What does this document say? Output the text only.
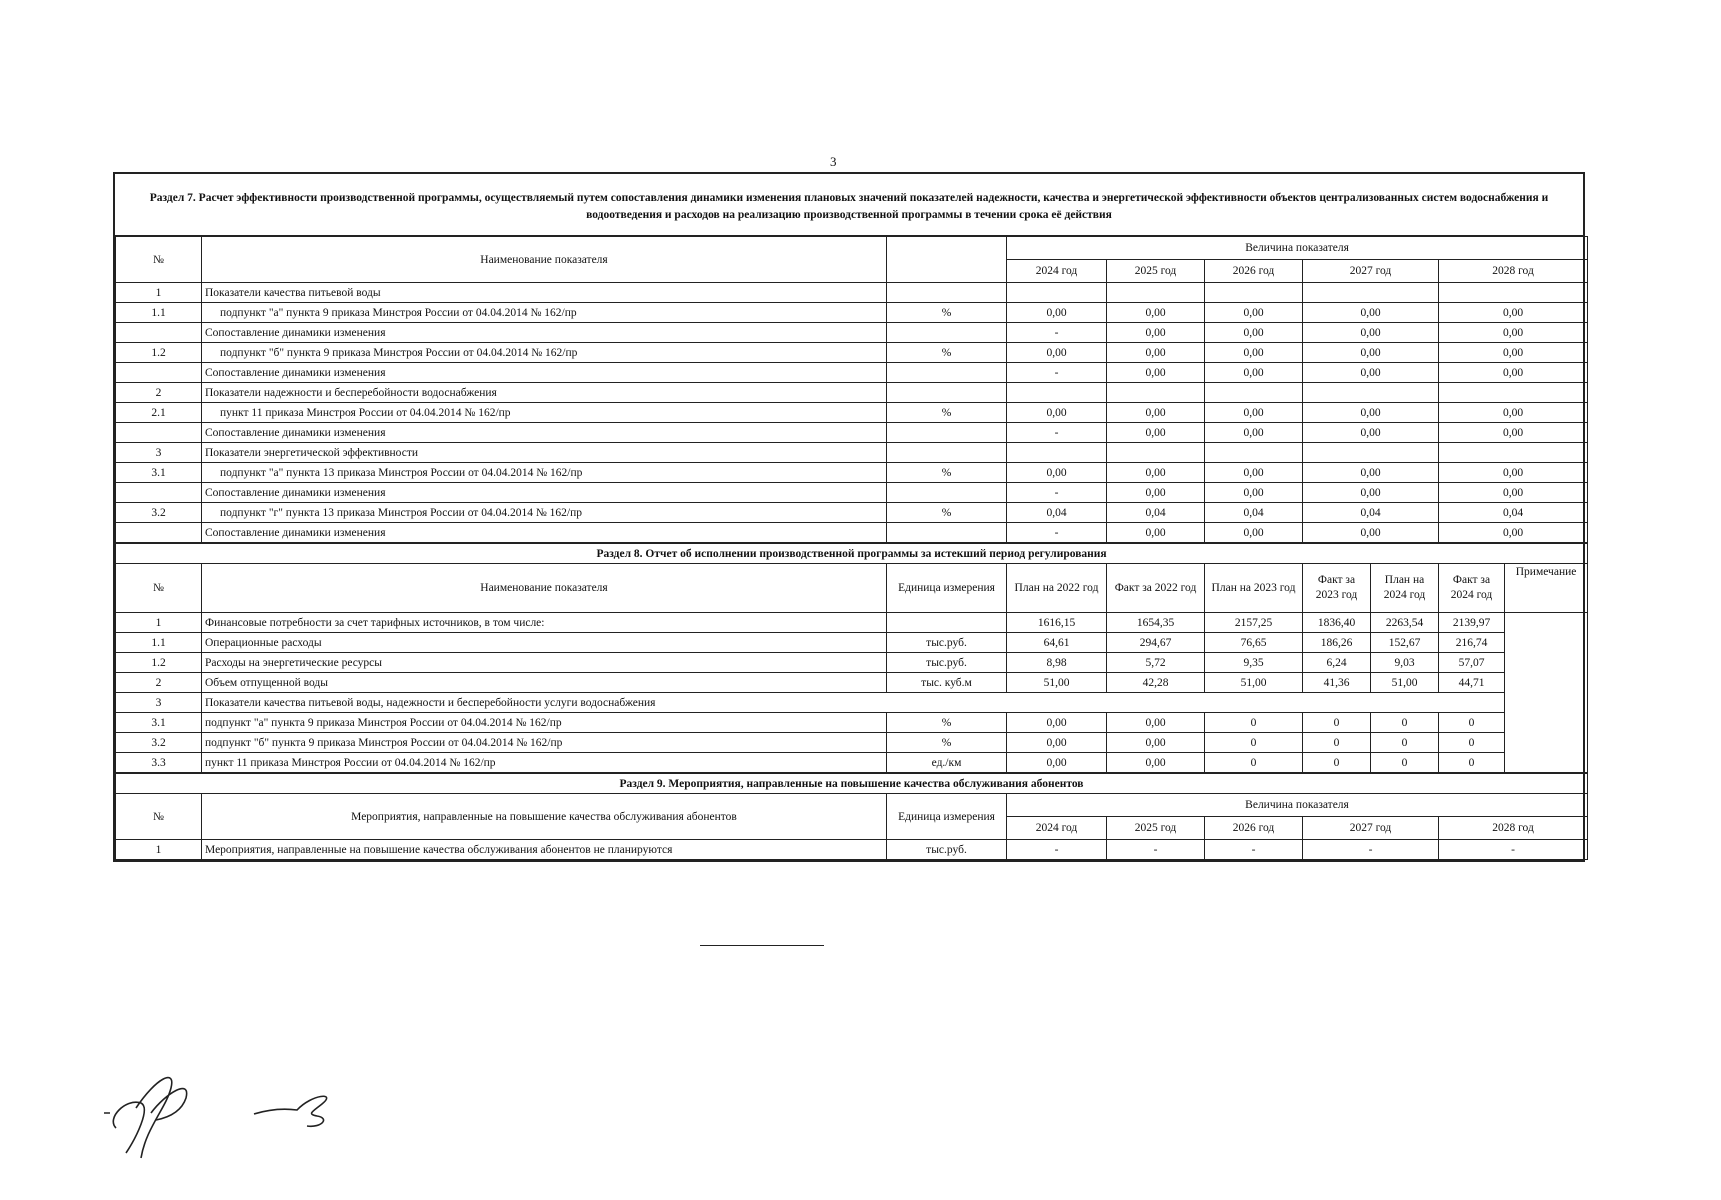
3
Раздел 7. Расчет эффективности производственной программы, осуществляемый путем сопоставления динамики изменения плановых значений показателей надежности, качества и энергетической эффективности объектов централизованных систем водоснабжения и водоотведения и расходов на реализацию производственной программы в течении срока её действия
№	Наименование показателя		Величина показателя				
			2024 год	2025 год	2026 год	2027 год	2028 год
1	Показатели качества питьевой воды						
1.1	подпункт "а" пункта 9 приказа Минстроя России от 04.04.2014 № 162/пр	%	0,00	0,00	0,00	0,00	0,00
	Сопоставление динамики изменения		-	0,00	0,00	0,00	0,00
1.2	подпункт "б" пункта 9 приказа Минстроя России от 04.04.2014 № 162/пр	%	0,00	0,00	0,00	0,00	0,00
	Сопоставление динамики изменения		-	0,00	0,00	0,00	0,00
2	Показатели надежности и бесперебойности водоснабжения						
2.1	пункт 11 приказа Минстроя России от 04.04.2014 № 162/пр	%	0,00	0,00	0,00	0,00	0,00
	Сопоставление динамики изменения		-	0,00	0,00	0,00	0,00
3	Показатели энергетической эффективности						
3.1	подпункт "а" пункта 13 приказа Минстроя России от 04.04.2014 № 162/пр	%	0,00	0,00	0,00	0,00	0,00
	Сопоставление динамики изменения		-	0,00	0,00	0,00	0,00
3.2	подпункт "г" пункта 13 приказа Минстроя России от 04.04.2014 № 162/пр	%	0,04	0,04	0,04	0,04	0,04
	Сопоставление динамики изменения		-	0,00	0,00	0,00	0,00
Раздел 8. Отчет об исполнении производственной программы за истекший период регулирования									
№	Наименование показателя	Единица измерения	План на 2022 год	Факт за 2022 год	План на 2023 год	Факт за 2023 год	План на 2024 год	Факт за 2024 год	Примечание
1	Финансовые потребности за счет тарифных источников, в том числе:		1616,15	1654,35	2157,25	1836,40	2263,54	2139,97	
1.1	Операционные расходы	тыс.руб.	64,61	294,67	76,65	186,26	152,67	216,74	
1.2	Расходы на энергетические ресурсы	тыс.руб.	8,98	5,72	9,35	6,24	9,03	57,07	
2	Объем отпущенной воды	тыс. куб.м	51,00	42,28	51,00	41,36	51,00	44,71	
3	Показатели качества питьевой воды, надежности и бесперебойности услуги водоснабжения								
3.1	подпункт "а" пункта 9 приказа Минстроя России от 04.04.2014 № 162/пр	%	0,00	0,00	0	0	0	0	
3.2	подпункт "б" пункта 9 приказа Минстроя России от 04.04.2014 № 162/пр	%	0,00	0,00	0	0	0	0	
3.3	пункт 11 приказа Минстроя России от 04.04.2014 № 162/пр	ед./км	0,00	0,00	0	0	0	0	
Раздел 9. Мероприятия, направленные на повышение качества обслуживания абонентов							
№	Мероприятия, направленные на повышение качества обслуживания абонентов	Единица измерения	Величина показателя				
			2024 год	2025 год	2026 год	2027 год	2028 год
1	Мероприятия, направленные на повышение качества обслуживания абонентов не планируются	тыс.руб.	-	-	-	-	-
